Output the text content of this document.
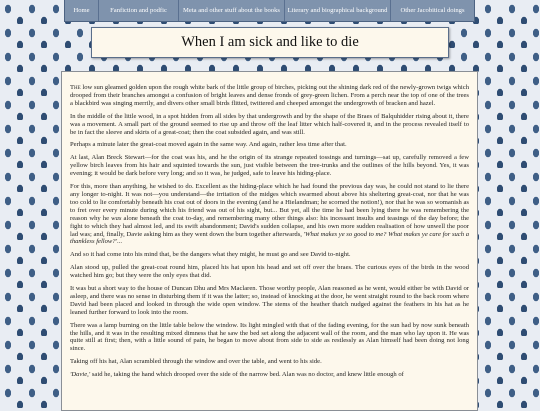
Home	Fanfiction and podfic	Meta and other stuff about the books	Literary and biographical background	Other Jacobitical doings
When I am sick and like to die

The low sun gleamed golden upon the rough white bark of the little group of birches, picking out the shining dark red of the newly-grown twigs which drooped from their branches amongst a confusion of bright leaves and dense fronds of grey-green lichen. From a perch near the top of one of the trees a blackbird was singing merrily, and divers other small birds flitted, twittered and cheeped amongst the undergrowth of bracken and hazel.

In the middle of the little wood, in a spot hidden from all sides by that undergrowth and by the shape of the Braes of Balquhidder rising about it, there was a movement. A small part of the ground seemed to rise up and throw off the leaf litter which half-covered it, and in the process revealed itself to be in fact the sleeve and skirts of a great-coat; then the coat subsided again, and was still.

Perhaps a minute later the great-coat moved again in the same way. And again, rather less time after that.

At last, Alan Breck Stewart—for the coat was his, and he the origin of its strange repeated tossings and turnings—sat up, carefully removed a few yellow birch leaves from his hair and squinted towards the sun, just visible between the tree-trunks and the outlines of the hills beyond. Yes, it was evening; it would be dark before very long; and so it was, he judged, safe to leave his hiding-place.

For this, more than anything, he wished to do. Excellent as the hiding-place which he had found the previous day was, he could not stand to lie there any longer to-night. It was not—you understand—the irritation of the midges which swarmed about above his sheltering great-coat, nor that he was too cold to lie comfortably beneath his coat out of doors in the evening (and he a Hielandman; he scorned the notion!), nor that he was so womanish as to fret over every minute during which his friend was out of his sight, but... But yet, all the time he had been lying there he was remembering the reason why he was alone beneath the coat to-day, and remembering many other things also: his incessant insults and teasings of the day before; the fight to which they had almost led, and its swift abandonment; David's sudden collapse, and his own more sudden realisation of how unwell the poor lad was; and, finally, Davie asking him as they went down the burn together afterwards, 'What makes ye so good to me? What makes ye care for such a thankless fellow?'...

And so it had come into his mind that, be the dangers what they might, he must go and see David to-night.

Alan stood up, pulled the great-coat round him, placed his hat upon his head and set off over the braes. The curious eyes of the birds in the wood watched him go; but they were the only eyes that did.

It was but a short way to the house of Duncan Dhu and Mrs Maclaren. Those worthy people, Alan reasoned as he went, would either be with David or asleep, and there was no sense in disturbing them if it was the latter; so, instead of knocking at the door, he went straight round to the back room where David had been placed and looked in through the wide open window. The stems of the heather thatch nudged against the feathers in his hat as he leaned further forward to look into the room.

There was a lamp burning on the little table below the window. Its light mingled with that of the fading evening, for the sun had by now sunk beneath the hills, and it was in the resulting mixed dimness that he saw the bed set along the adjacent wall of the room, and the man who lay upon it. He was quite still at first; then, with a little sound of pain, he began to move about from side to side as restlessly as Alan himself had been doing not long since.

Taking off his hat, Alan scrambled through the window and over the table, and went to his side.

'Davie,' said he, taking the hand which drooped over the side of the narrow bed. Alan was no doctor, and knew little enough of
